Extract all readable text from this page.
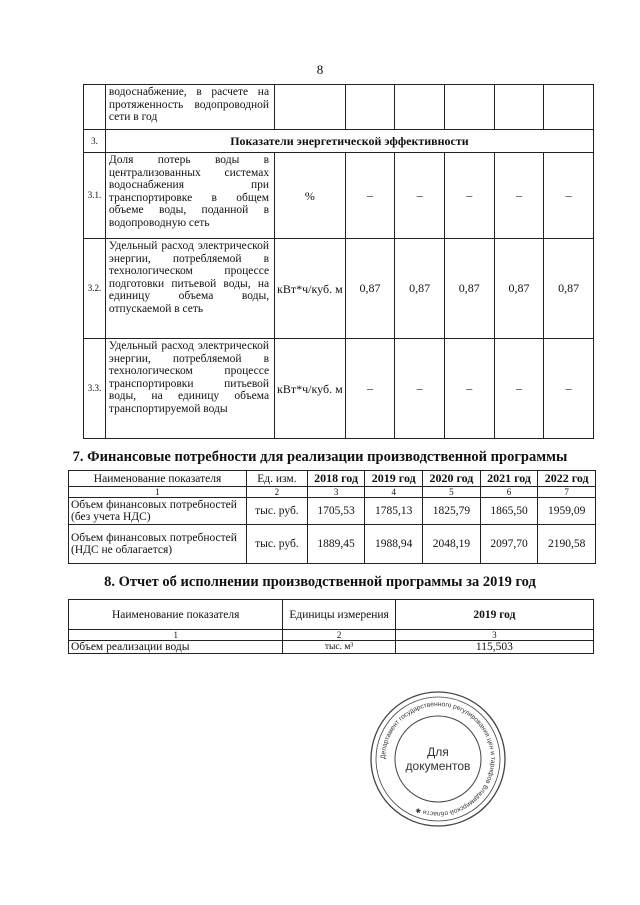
8
	водоснабжение, в расчете на протяженность водопроводной сети в год						
3.	Показатели энергетической эффективности						
3.1.	Доля потерь воды в централизованных системах водоснабжения при транспортировке в общем объеме воды, поданной в водопроводную сеть	%	–	–	–	–	–
3.2.	Удельный расход электрической энергии, потребляемой в технологическом процессе подготовки питьевой воды, на единицу объема воды, отпускаемой в сеть	кВт*ч/куб. м	0,87	0,87	0,87	0,87	0,87
3.3.	Удельный расход электрической энергии, потребляемой в технологическом процессе транспортировки питьевой воды, на единицу объема транспортируемой воды	кВт*ч/куб. м	–	–	–	–	–
7. Финансовые потребности для реализации производственной программы
Наименование показателя	Ед. изм.	2018 год	2019 год	2020 год	2021 год	2022 год
1	2	3	4	5	6	7
Объем финансовых потребностей (без учета НДС)	тыс. руб.	1705,53	1785,13	1825,79	1865,50	1959,09
Объем финансовых потребностей (НДС не облагается)	тыс. руб.	1889,45	1988,94	2048,19	2097,70	2190,58
8. Отчет об исполнении производственной программы за 2019 год
Наименование показателя	Единицы измерения	2019 год
1	2	3
Объем реализации воды	тыс. м³	115,503
Департамент государственного регулирования цен и тарифов Владимирской области ✱
Для
документов
